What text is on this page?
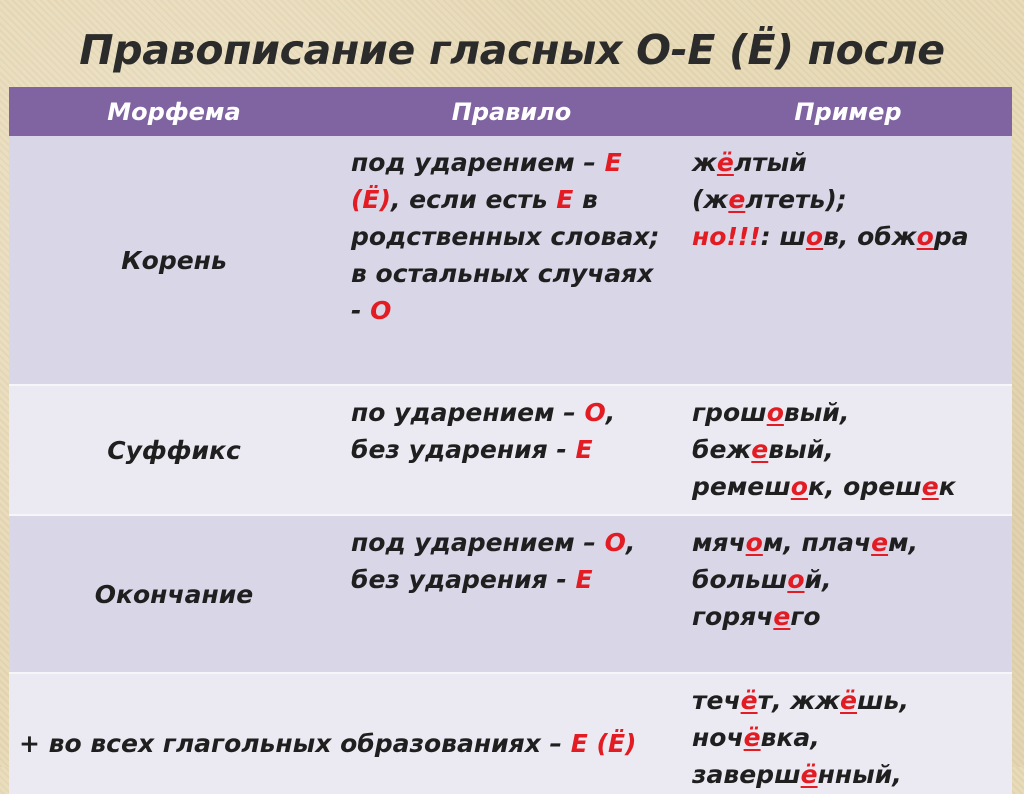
Правописание гласных О-Е (Ё) после
Морфема	Правило	Пример
Корень
под ударением – Е (Ё), если есть Е в родственных словах; в остальных случаях - О
жёлтый
(желтеть);
но!!!: шов, обжора
Суффикс
по ударением – О, без ударения - Е
грошовый,
бежевый,
ремешок, орешек
Окончание
под ударением – О, без ударения - Е
мячом, плачем,
большой,
горячего
+ во всех глагольных образованиях – Е (Ё)
течёт, жжёшь,
ночёвка,
завершённый,
